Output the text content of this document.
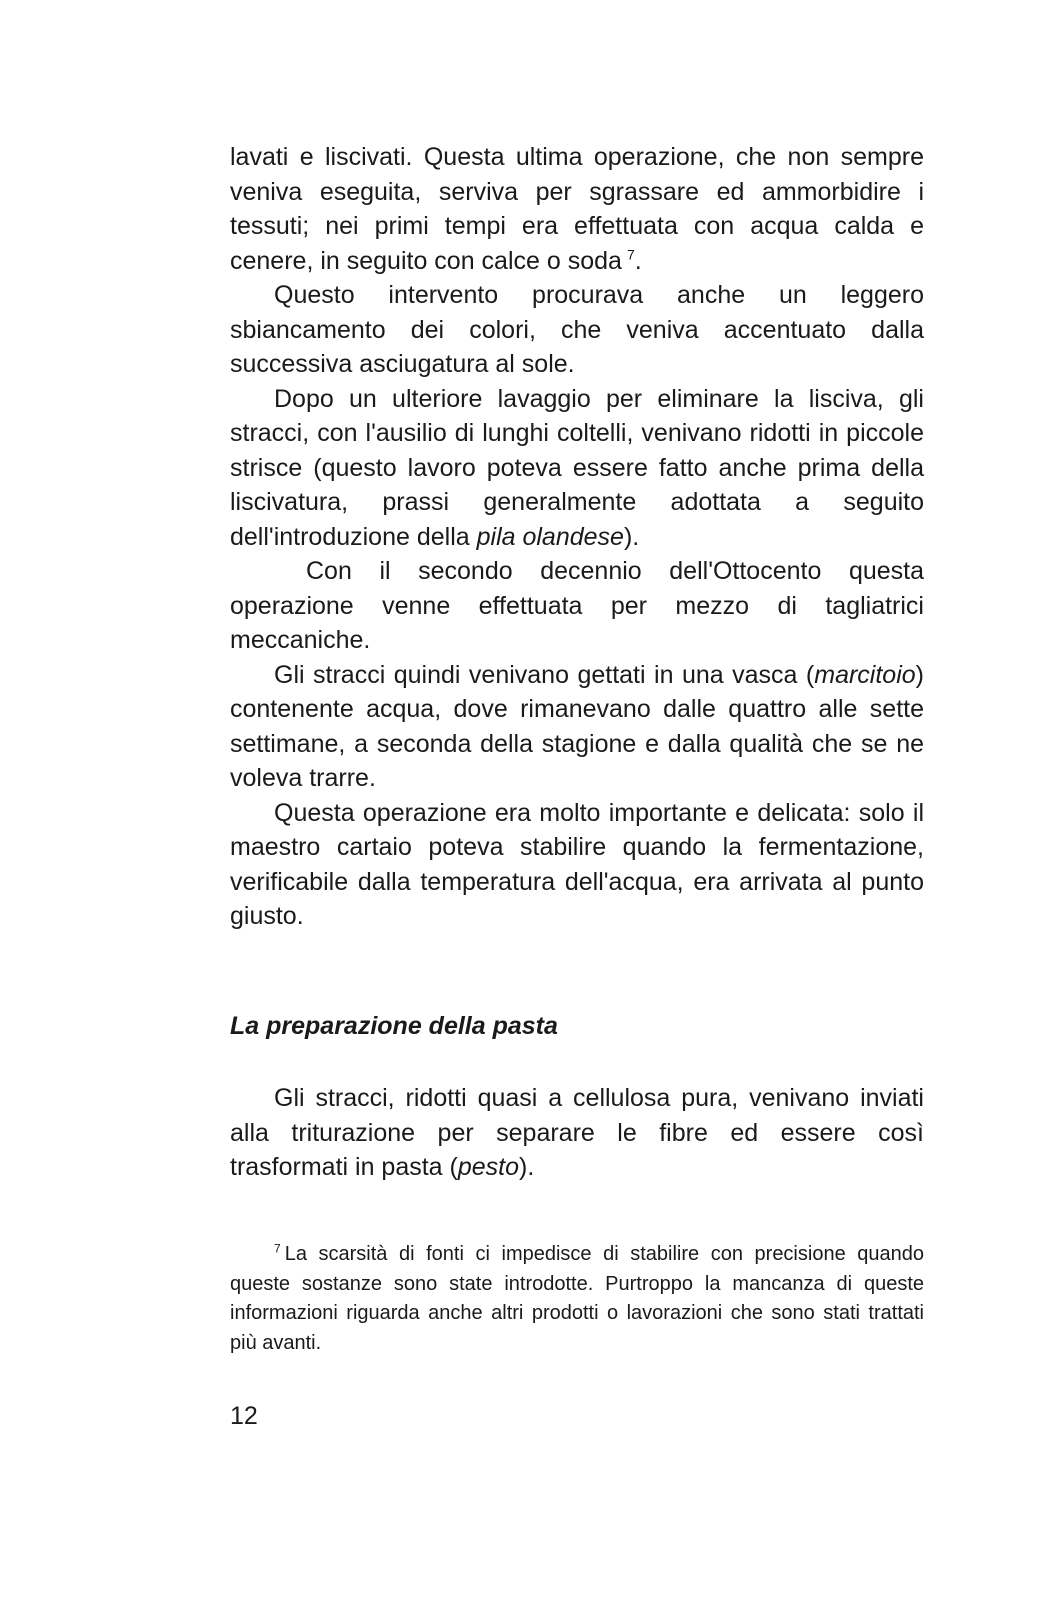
lavati e liscivati. Questa ultima operazione, che non sempre veniva eseguita, serviva per sgrassare ed ammorbidire i tessuti; nei primi tempi era effettuata con acqua calda e cenere, in seguito con calce o soda  $^7$.

Questo intervento procurava anche un leggero sbiancamento dei colori, che veniva accentuato dalla successiva asciugatura al sole.

Dopo un ulteriore lavaggio per eliminare la lisciva, gli stracci, con l'ausilio di lunghi coltelli, venivano ridotti in piccole strisce (questo lavoro poteva essere fatto anche prima della liscivatura, prassi generalmente adottata a seguito dell'introduzione della pila olandese).

Con il secondo decennio dell'Ottocento questa operazione venne effettuata per mezzo di tagliatrici meccaniche.

Gli stracci quindi venivano gettati in una vasca (marcitoio) contenente acqua, dove rimanevano dalle quattro alle sette settimane, a seconda della stagione e dalla qualità che se ne voleva trarre.

Questa operazione era molto importante e delicata: solo il maestro cartaio poteva stabilire quando la fermentazione, verificabile dalla temperatura dell'acqua, era arrivata al punto giusto.

La preparazione della pasta

Gli stracci, ridotti quasi a cellulosa pura, venivano inviati alla triturazione per separare le fibre ed essere così trasformati in pasta (pesto).

$^7$  La scarsità di fonti ci impedisce di stabilire con precisione quando queste sostanze sono state introdotte. Purtroppo la mancanza di queste informazioni riguarda anche altri prodotti o lavorazioni che sono stati trattati più avanti.

12
